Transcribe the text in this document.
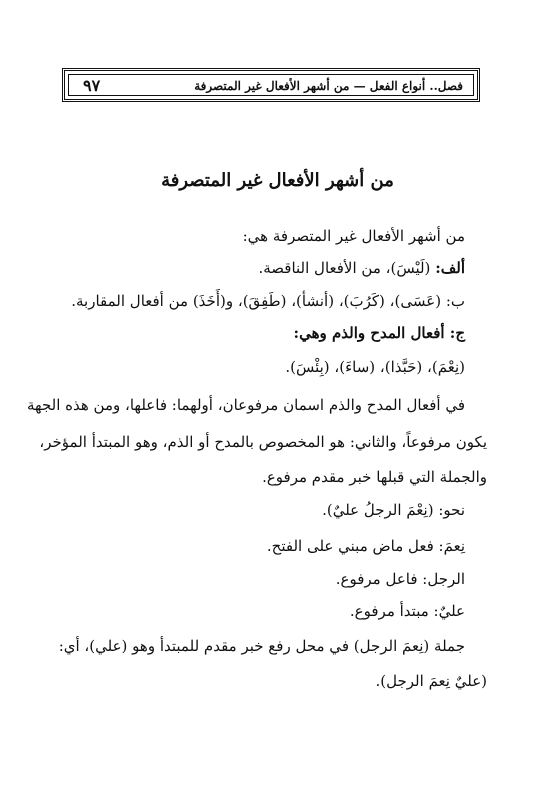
فصل.. أنواع الفعل — من أشهر الأفعال غير المتصرفة
٩٧
من أشهر الأفعال غير المتصرفة
من أشهر الأفعال غير المتصرفة هي:
ألف: (لَيْسَ)، من الأفعال الناقصة.
ب: (عَسَى)، (كَرُبَ)، (أنشأ)، (طَفِقَ)، و(أَخَذَ) من أفعال المقاربة.
ج: أفعال المدح والذم وهي:
(نِعْمَ)، (حَبَّذا)، (ساءَ)، (بِئْسَ).
في أفعال المدح والذم اسمان مرفوعان، أولهما: فاعلها، ومن هذه الجهة
يكون مرفوعاً، والثاني: هو المخصوص بالمدح أو الذم، وهو المبتدأ المؤخر،
والجملة التي قبلها خبر مقدم مرفوع.
نحو: (نِعْمَ الرجلُ عليٌ).
نِعمَ: فعل ماض مبني على الفتح.
الرجل: فاعل مرفوع.
عليٌ: مبتدأ مرفوع.
جملة (نِعمَ الرجل) في محل رفع خبر مقدم للمبتدأ وهو (علي)، أي:
(عليٌ نِعمَ الرجل).
